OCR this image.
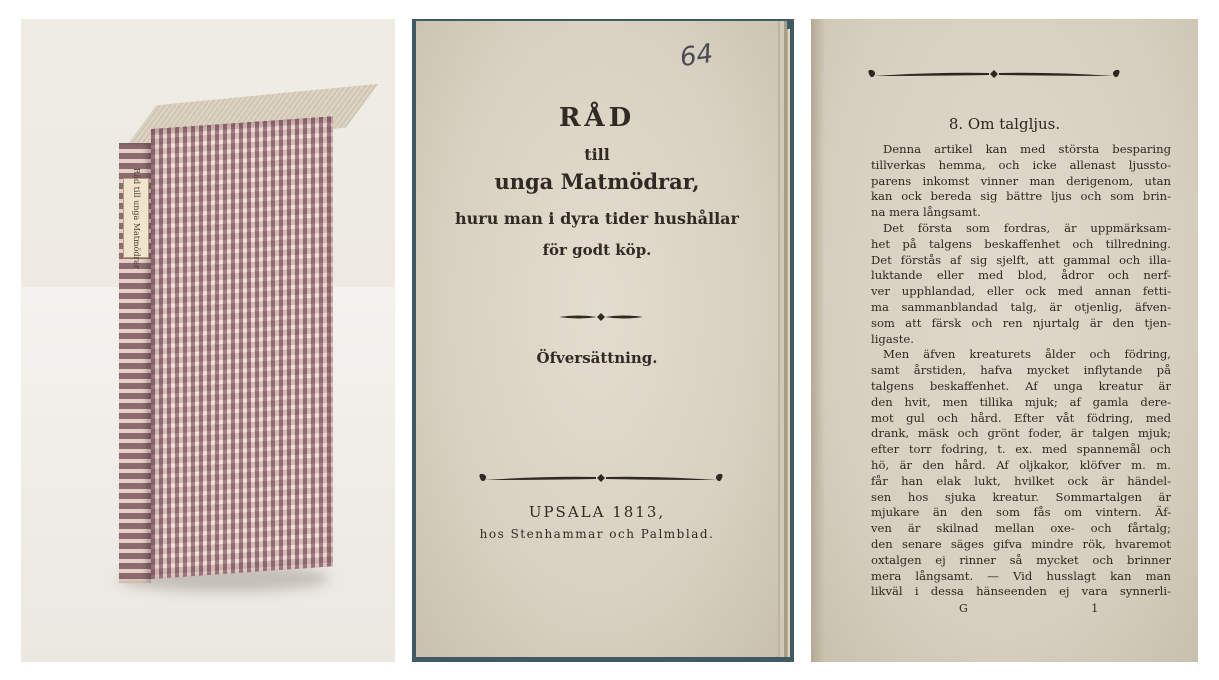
Råd till unga Matmödrar
64
RÅD
till
unga Matmödrar,
huru man i dyra tider hushållar
för godt köp.
Öfversättning.
UPSALA 1813,
hos Stenhammar och Palmblad.
8. Om talgljus.
Denna artikel kan med största besparing
tillverkas hemma, och icke allenast ljussto-
parens inkomst vinner man derigenom, utan
kan ock bereda sig bättre ljus och som brin-
na mera långsamt.
Det första som fordras, är uppmärksam-
het på talgens beskaffenhet och tillredning.
Det förstås af sig sjelft, att gammal och illa-
luktande eller med blod, ådror och nerf-
ver upphlandad, eller ock med annan fetti-
ma sammanblandad talg, är otjenlig, äfven-
som att färsk och ren njurtalg är den tjen-
ligaste.
Men äfven kreaturets ålder och födring,
samt årstiden, hafva mycket inflytande på
talgens beskaffenhet. Af unga kreatur är
den hvit, men tillika mjuk; af gamla dere-
mot gul och hård. Efter våt födring, med
drank, mäsk och grönt foder, är talgen mjuk;
efter torr fodring, t. ex. med spannemål och
hö, är den hård. Af oljkakor, klöfver m. m.
får han elak lukt, hvilket ock är händel-
sen hos sjuka kreatur. Sommartalgen är
mjukare än den som fås om vintern. Äf-
ven är skilnad mellan oxe- och fårtalg;
den senare säges gifva mindre rök, hvaremot
oxtalgen ej rinner så mycket och brinner
mera långsamt. — Vid husslagt kan man
likväl i dessa hänseenden ej vara synnerli-
G	1
